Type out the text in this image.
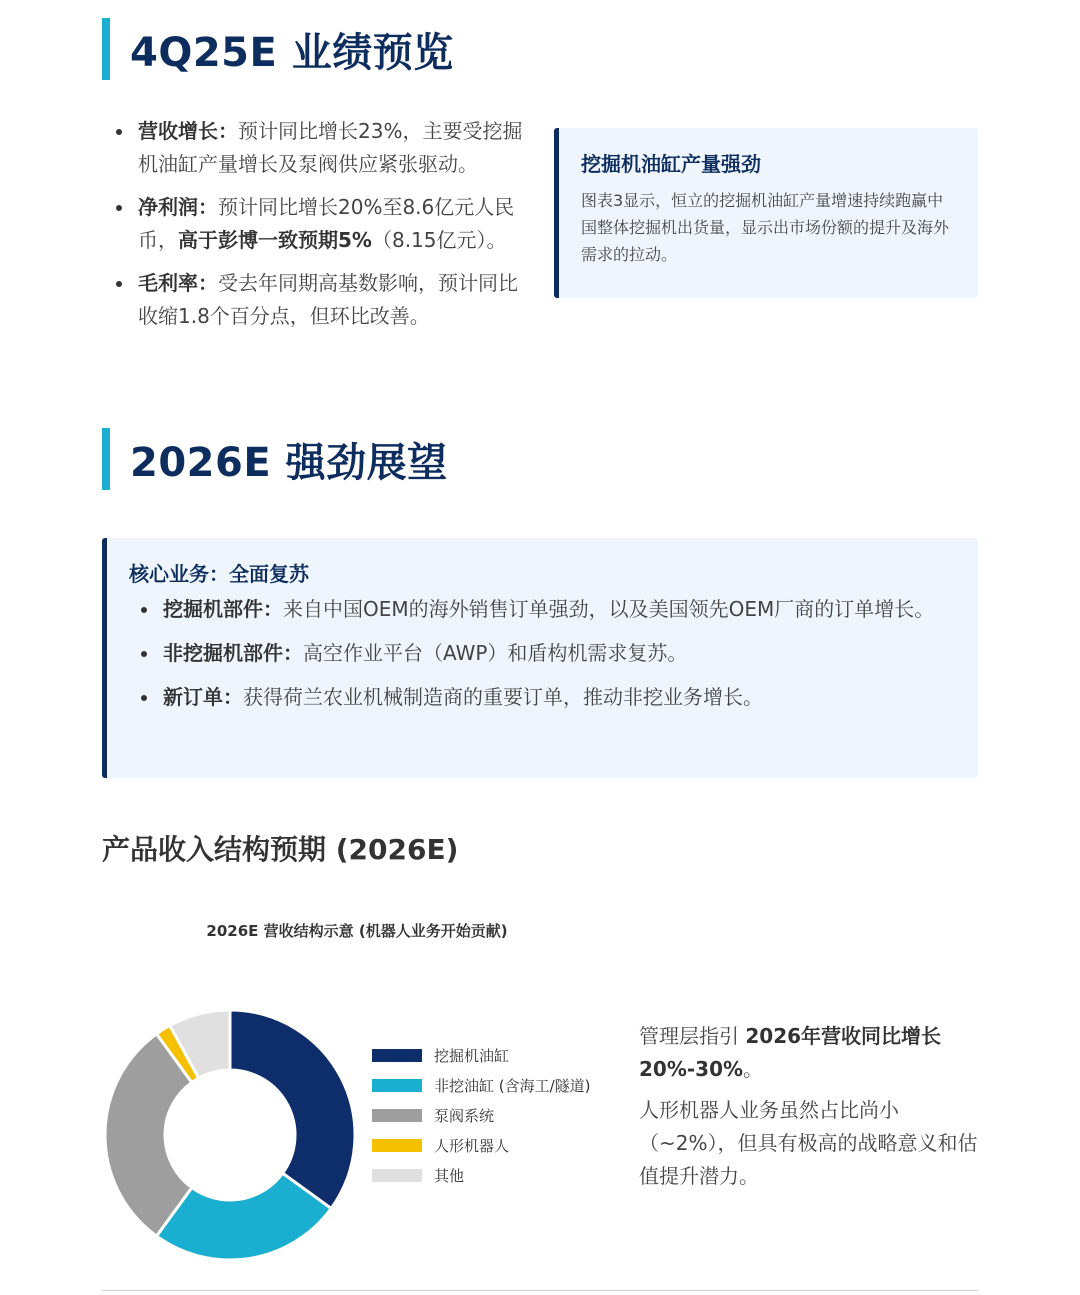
4Q25E 业绩预览
营收增长：预计同比增长23%，主要受挖掘机油缸产量增长及泵阀供应紧张驱动。
净利润：预计同比增长20%至8.6亿元人民币，高于彭博一致预期5%（8.15亿元）。
毛利率：受去年同期高基数影响，预计同比收缩1.8个百分点，但环比改善。
挖掘机油缸产量强劲
图表3显示，恒立的挖掘机油缸产量增速持续跑赢中国整体挖掘机出货量，显示出市场份额的提升及海外需求的拉动。
2026E 强劲展望
核心业务：全面复苏
挖掘机部件：来自中国OEM的海外销售订单强劲，以及美国领先OEM厂商的订单增长。
非挖掘机部件：高空作业平台（AWP）和盾构机需求复苏。
新订单：获得荷兰农业机械制造商的重要订单，推动非挖业务增长。
产品收入结构预期 (2026E)
2026E 营收结构示意 (机器人业务开始贡献)
挖掘机油缸
非挖油缸 (含海工/隧道)
泵阀系统
人形机器人
其他

管理层指引 2026年营收同比增长20%-30%。

人形机器人业务虽然占比尚小（~2%），但具有极高的战略意义和估值提升潜力。
